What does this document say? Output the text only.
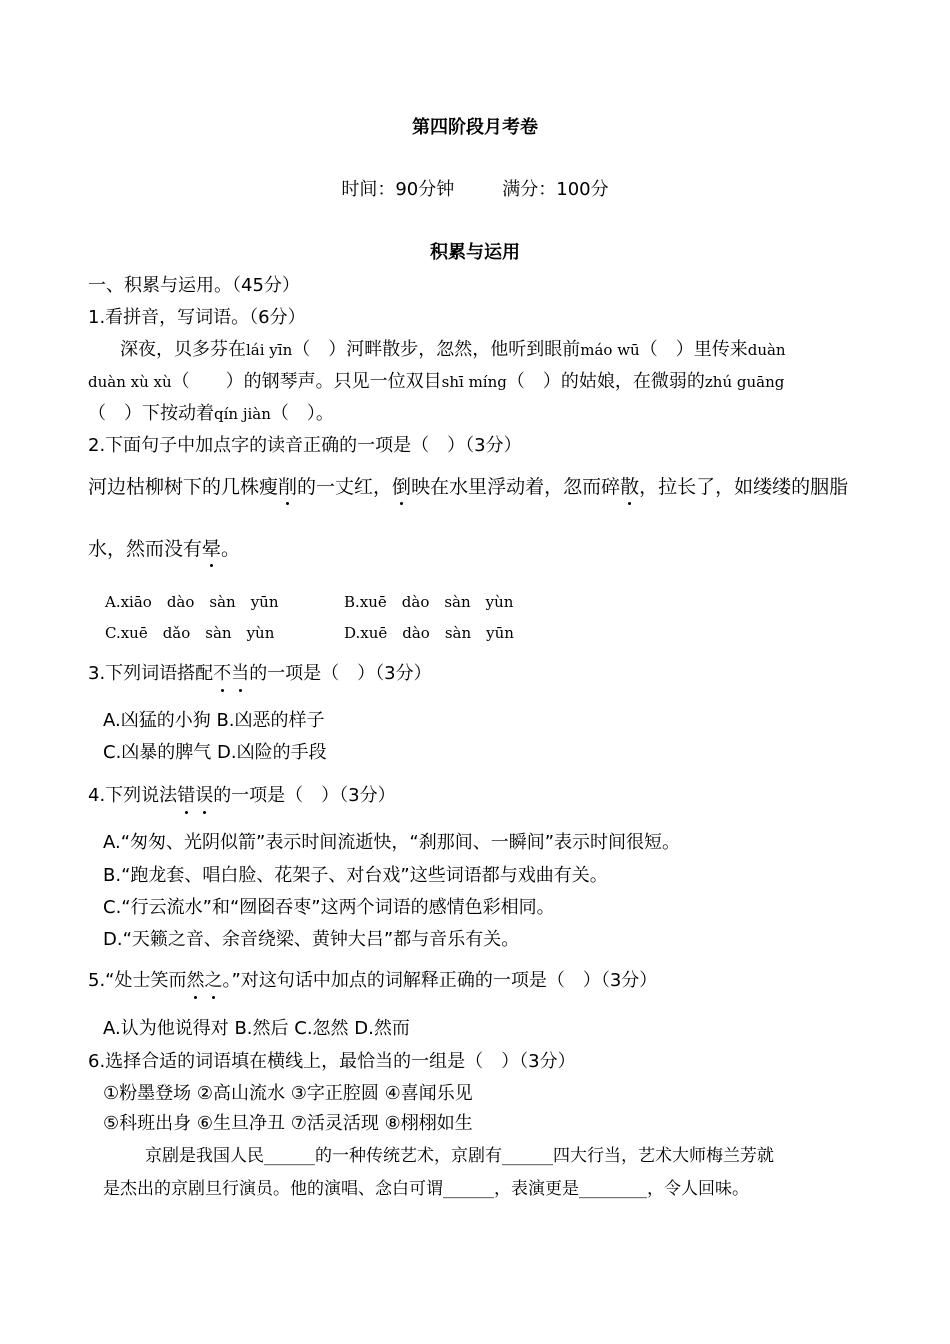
第四阶段月考卷
时间：90分钟	满分：100分
积累与运用
一、积累与运用。（45分）
1.看拼音，写词语。（6分）
深夜，贝多芬在lái yīn（　）河畔散步，忽然，他听到眼前máo wū（　）里传来duàn
duàn xù xù（　　）的钢琴声。只见一位双目shī míng（　）的姑娘，在微弱的zhú guāng
（　）下按动着qín jiàn（　）。
2.下面句子中加点字的读音正确的一项是（　）（3分）
河边枯柳树下的几株瘦削的一丈红，倒映在水里浮动着，忽而碎散，拉长了，如缕缕的胭脂
水，然而没有晕。
A.xiāo　dào　sàn　yūn	B.xuē　dào　sàn　yùn
C.xuē　dǎo　sàn　yùn	D.xuē　dào　sàn　yūn
3.下列词语搭配不当的一项是（　）（3分）
A.凶猛的小狗 B.凶恶的样子
C.凶暴的脾气 D.凶险的手段
4.下列说法错误的一项是（　）（3分）
A.“匆匆、光阴似箭”表示时间流逝快，“刹那间、一瞬间”表示时间很短。
B.“跑龙套、唱白脸、花架子、对台戏”这些词语都与戏曲有关。
C.“行云流水”和“囫囵吞枣”这两个词语的感情色彩相同。
D.“天籁之音、余音绕梁、黄钟大吕”都与音乐有关。
5.“处士笑而然之。”对这句话中加点的词解释正确的一项是（　）（3分）
A.认为他说得对 B.然后 C.忽然 D.然而
6.选择合适的词语填在横线上，最恰当的一组是（　）（3分）
①粉墨登场 ②高山流水 ③字正腔圆 ④喜闻乐见
⑤科班出身 ⑥生旦净丑 ⑦活灵活现 ⑧栩栩如生
京剧是我国人民______的一种传统艺术，京剧有______四大行当，艺术大师梅兰芳就
是杰出的京剧旦行演员。他的演唱、念白可谓______，表演更是________，令人回味。
